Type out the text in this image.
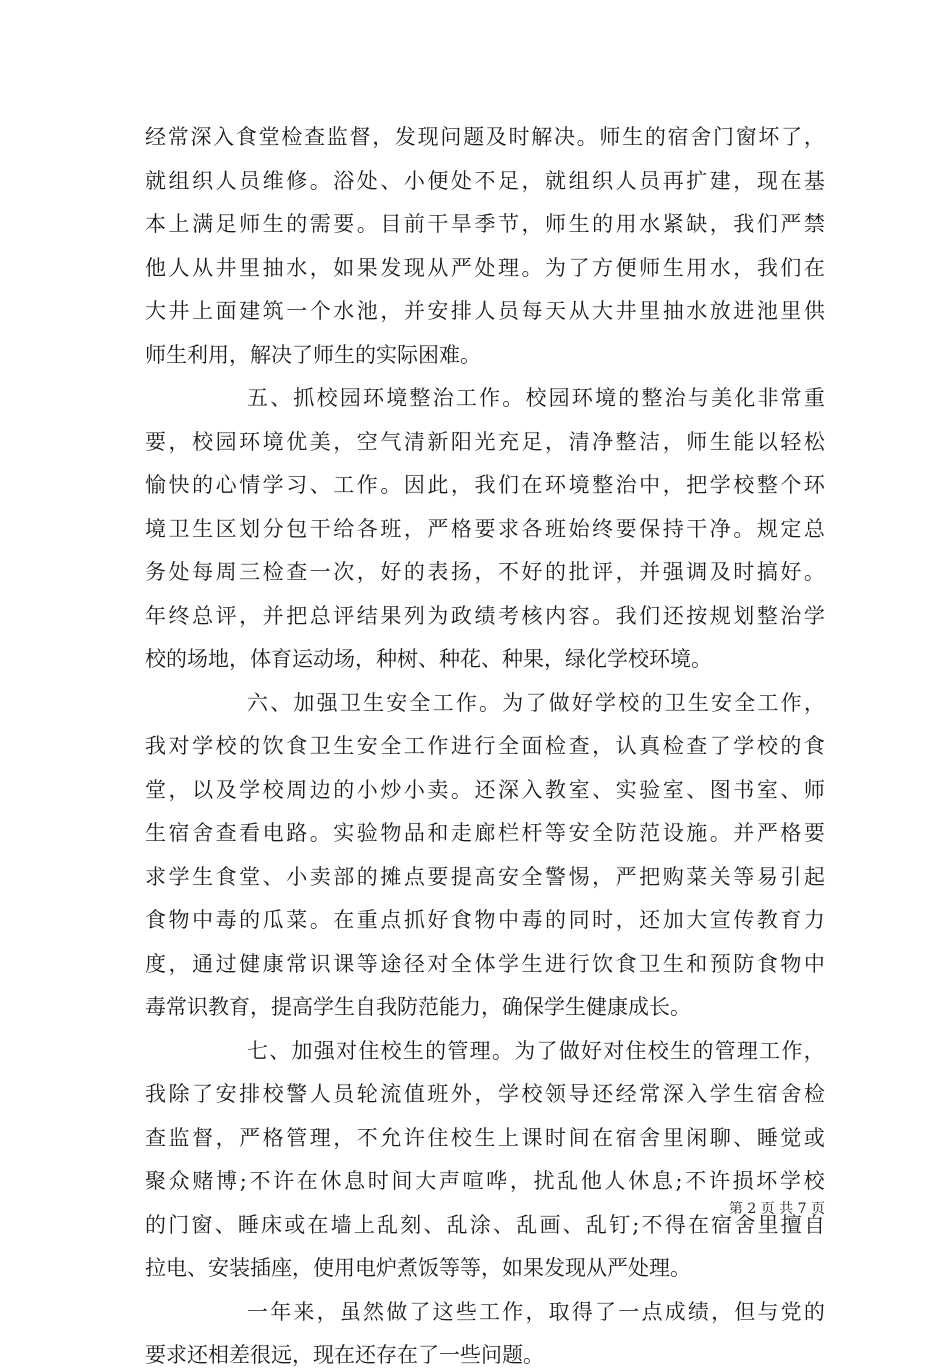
经 常 深 入 食 堂 检 查 监 督 ， 发 现 问 题 及 时 解 决 。 师 生 的 宿 舍 门 窗 坏 了 ，
就 组 织 人 员 维 修 。 浴 处 、 小 便 处 不 足 ， 就 组 织 人 员 再 扩 建 ， 现 在 基
本 上 满 足 师 生 的 需 要 。 目 前 干 旱 季 节 ， 师 生 的 用 水 紧 缺 ， 我 们 严 禁
他 人 从 井 里 抽 水 ， 如 果 发 现 从 严 处 理 。 为 了 方 便 师 生 用 水 ， 我 们 在
大 井 上 面 建 筑 一 个 水 池 ， 并 安 排 人 员 每 天 从 大 井 里 抽 水 放 进 池 里 供
师生利用，解决了师生的实际困难。
五 、 抓 校 园 环 境 整 治 工 作 。 校 园 环 境 的 整 治 与 美 化 非 常 重
要 ， 校 园 环 境 优 美 ， 空 气 清 新 阳 光 充 足 ， 清 净 整 洁 ， 师 生 能 以 轻 松
愉 快 的 心 情 学 习 、 工 作 。 因 此 ， 我 们 在 环 境 整 治 中 ， 把 学 校 整 个 环
境 卫 生 区 划 分 包 干 给 各 班 ， 严 格 要 求 各 班 始 终 要 保 持 干 净 。 规 定 总
务 处 每 周 三 检 查 一 次 ， 好 的 表 扬 ， 不 好 的 批 评 ， 并 强 调 及 时 搞 好 。
年 终 总 评 ， 并 把 总 评 结 果 列 为 政 绩 考 核 内 容 。 我 们 还 按 规 划 整 治 学
校的场地，体育运动场，种树、种花、种果，绿化学校环境。
六 、 加 强 卫 生 安 全 工 作 。 为 了 做 好 学 校 的 卫 生 安 全 工 作 ，
我 对 学 校 的 饮 食 卫 生 安 全 工 作 进 行 全 面 检 查 ， 认 真 检 查 了 学 校 的 食
堂 ， 以 及 学 校 周 边 的 小 炒 小 卖 。 还 深 入 教 室 、 实 验 室 、 图 书 室 、 师
生 宿 舍 查 看 电 路 。 实 验 物 品 和 走 廊 栏 杆 等 安 全 防 范 设 施 。 并 严 格 要
求 学 生 食 堂 、 小 卖 部 的 摊 点 要 提 高 安 全 警 惕 ， 严 把 购 菜 关 等 易 引 起
食 物 中 毒 的 瓜 菜 。 在 重 点 抓 好 食 物 中 毒 的 同 时 ， 还 加 大 宣 传 教 育 力
度 ， 通 过 健 康 常 识 课 等 途 径 对 全 体 学 生 进 行 饮 食 卫 生 和 预 防 食 物 中
毒常识教育，提高学生自我防范能力，确保学生健康成长。
七 、 加 强 对 住 校 生 的 管 理 。 为 了 做 好 对 住 校 生 的 管 理 工 作 ，
我 除 了 安 排 校 警 人 员 轮 流 值 班 外 ， 学 校 领 导 还 经 常 深 入 学 生 宿 舍 检
查 监 督 ， 严 格 管 理 ， 不 允 许 住 校 生 上 课 时 间 在 宿 舍 里 闲 聊 、 睡 觉 或
聚 众 赌 博 ; 不 许 在 休 息 时 间 大 声 喧 哗 ， 扰 乱 他 人 休 息 ; 不 许 损 坏 学 校
的 门 窗 、 睡 床 或 在 墙 上 乱 刻 、 乱 涂 、 乱 画 、 乱 钉 ; 不 得 在 宿 舍 里 擅 自
拉电、安装插座，使用电炉煮饭等等，如果发现从严处理。
一 年 来 ， 虽 然 做 了 这 些 工 作 ， 取 得 了 一 点 成 绩 ， 但 与 党 的
要求还相差很远，现在还存在了一些问题。
第 2 页 共 7 页
